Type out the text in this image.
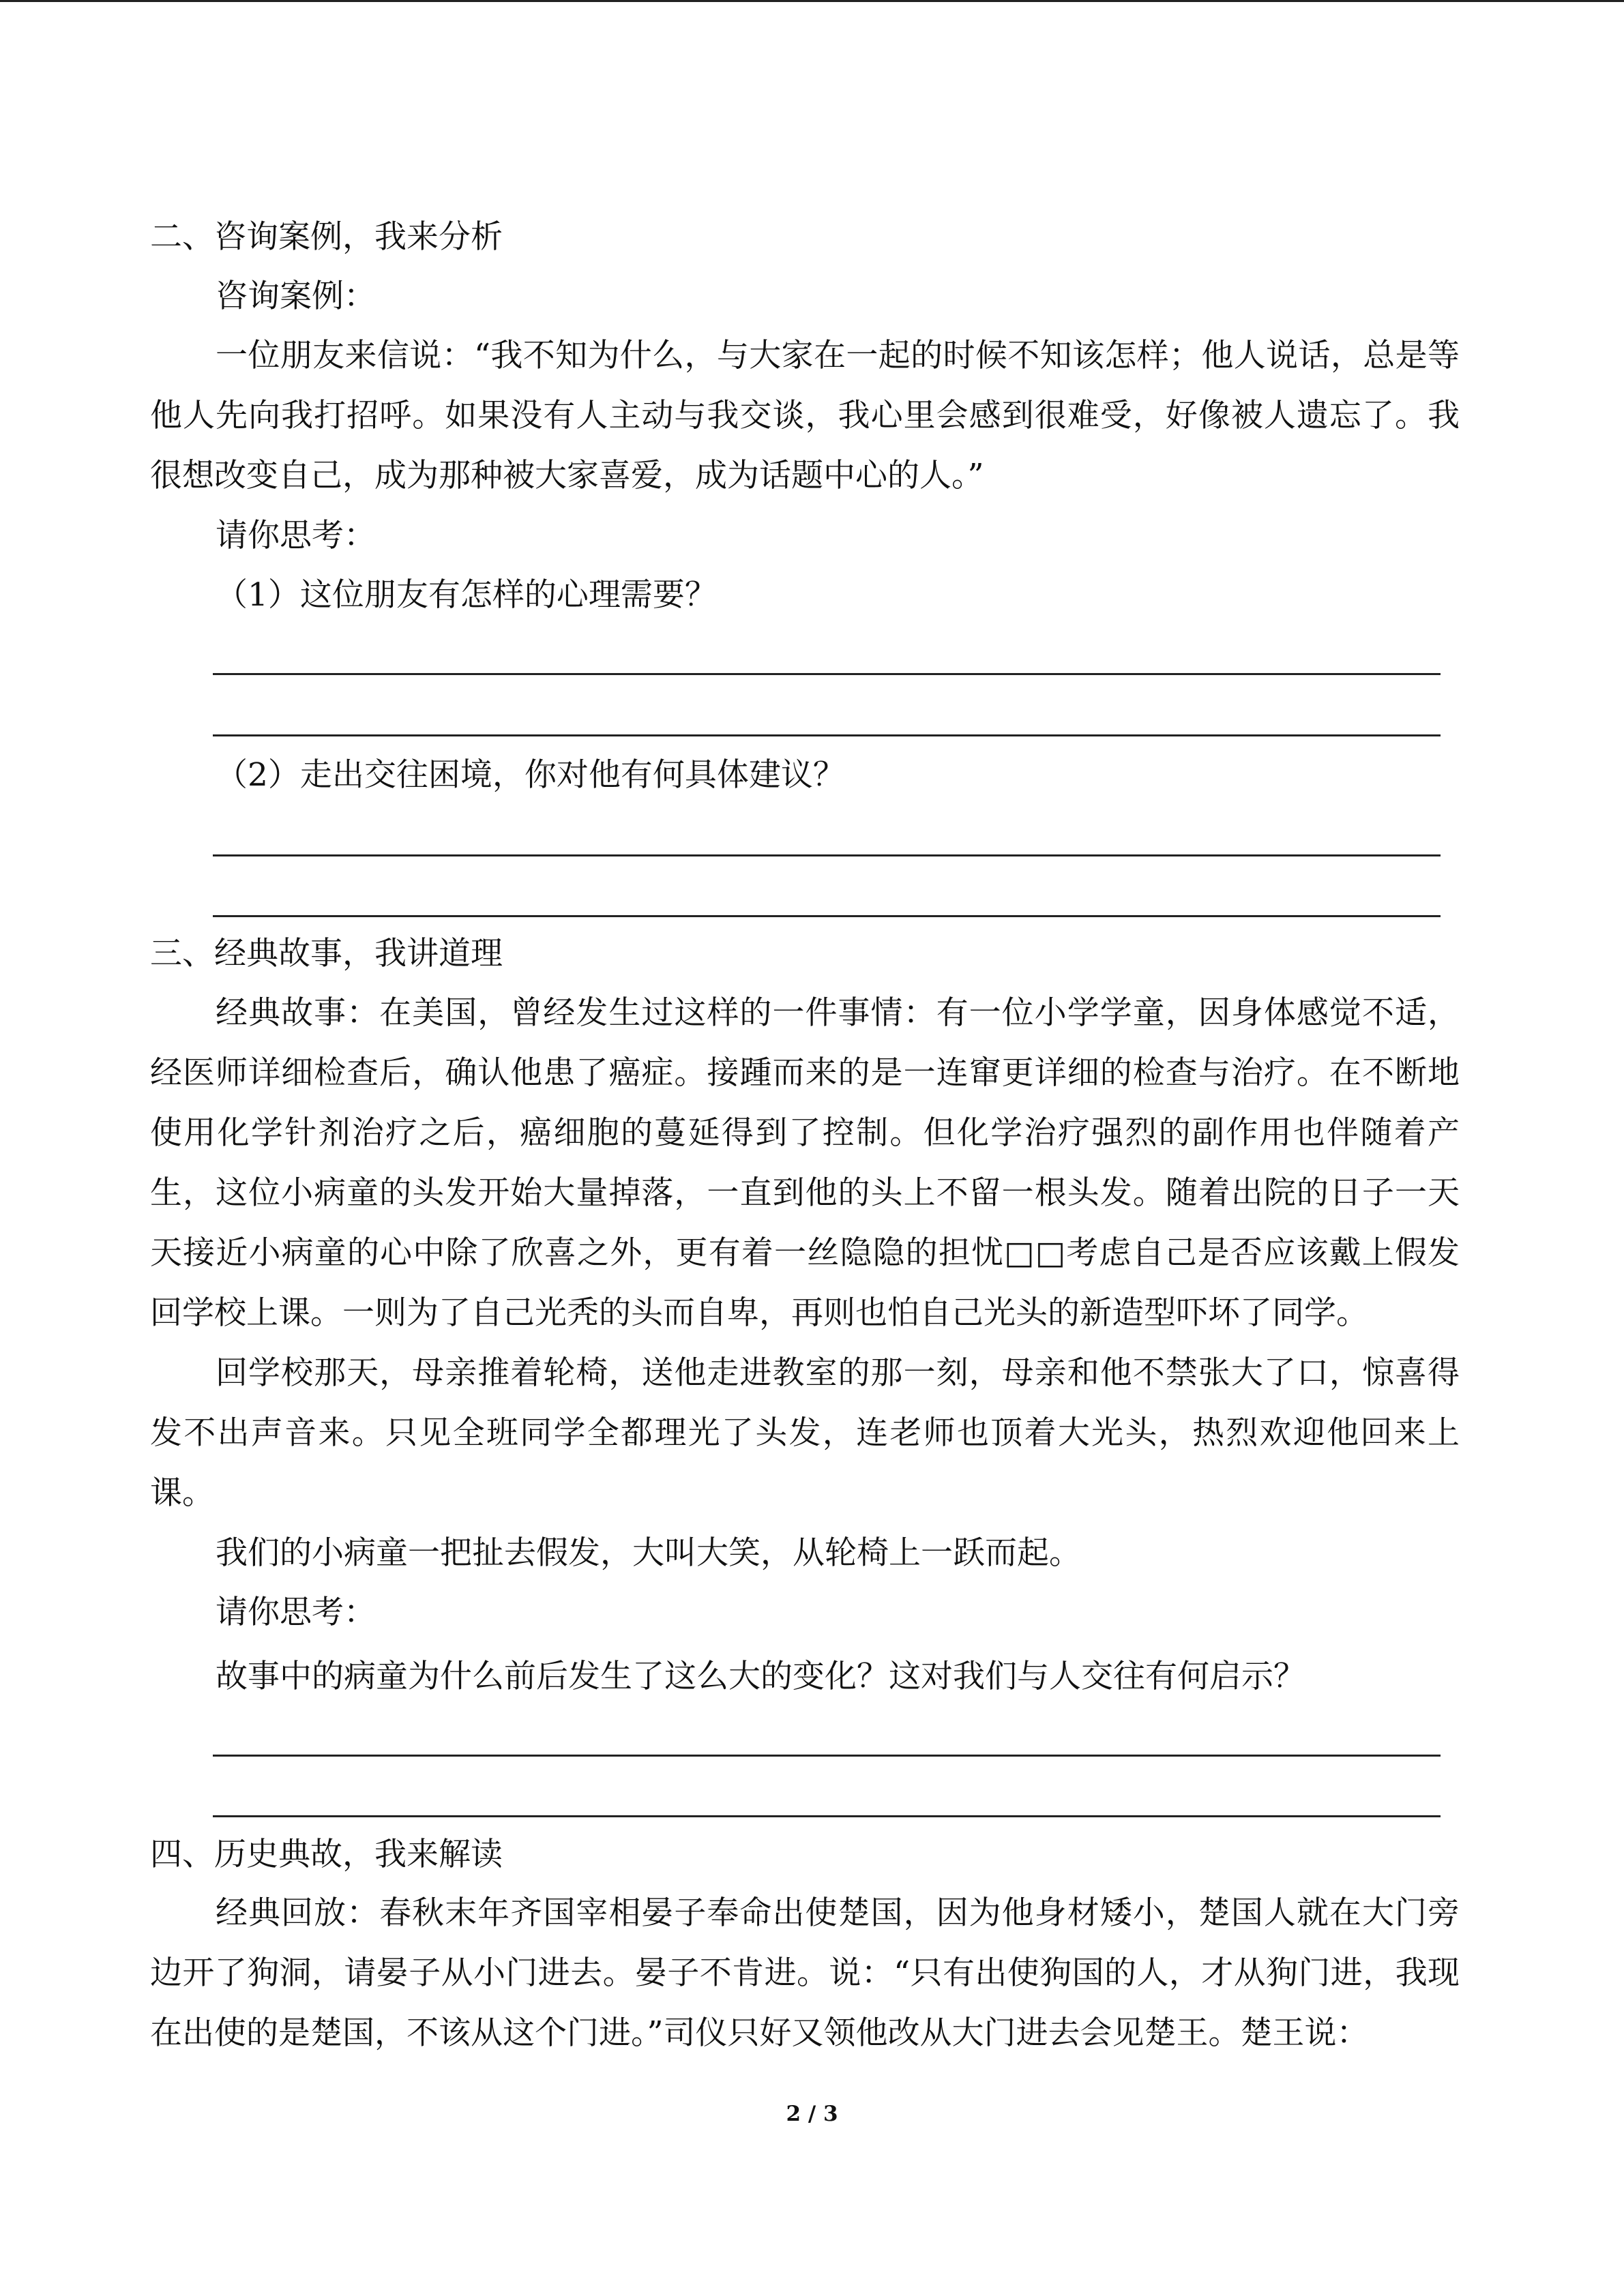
二、咨询案例，我来分析

咨询案例：

一位朋友来信说：“我不知为什么，与大家在一起的时候不知该怎样；他人说话，总是等他人先向我打招呼。如果没有人主动与我交谈，我心里会感到很难受，好像被人遗忘了。我很想改变自己，成为那种被大家喜爱，成为话题中心的人。”

请你思考：

（1）这位朋友有怎样的心理需要？

（2）走出交往困境，你对他有何具体建议？

三、经典故事，我讲道理

经典故事：在美国，曾经发生过这样的一件事情：有一位小学学童，因身体感觉不适，经医师详细检查后，确认他患了癌症。接踵而来的是一连窜更详细的检查与治疗。在不断地使用化学针剂治疗之后，癌细胞的蔓延得到了控制。但化学治疗强烈的副作用也伴随着产生，这位小病童的头发开始大量掉落，一直到他的头上不留一根头发。随着出院的日子一天天接近小病童的心中除了欣喜之外，更有着一丝隐隐的担忧□□考虑自己是否应该戴上假发回学校上课。一则为了自己光秃的头而自卑，再则也怕自己光头的新造型吓坏了同学。

回学校那天，母亲推着轮椅，送他走进教室的那一刻，母亲和他不禁张大了口，惊喜得发不出声音来。只见全班同学全都理光了头发，连老师也顶着大光头，热烈欢迎他回来上课。

我们的小病童一把扯去假发，大叫大笑，从轮椅上一跃而起。

请你思考：

故事中的病童为什么前后发生了这么大的变化？这对我们与人交往有何启示？

四、历史典故，我来解读

经典回放：春秋末年齐国宰相晏子奉命出使楚国，因为他身材矮小，楚国人就在大门旁边开了狗洞，请晏子从小门进去。晏子不肯进。说：“只有出使狗国的人，才从狗门进，我现在出使的是楚国，不该从这个门进。”司仪只好又领他改从大门进去会见楚王。楚王说：

2 / 3
